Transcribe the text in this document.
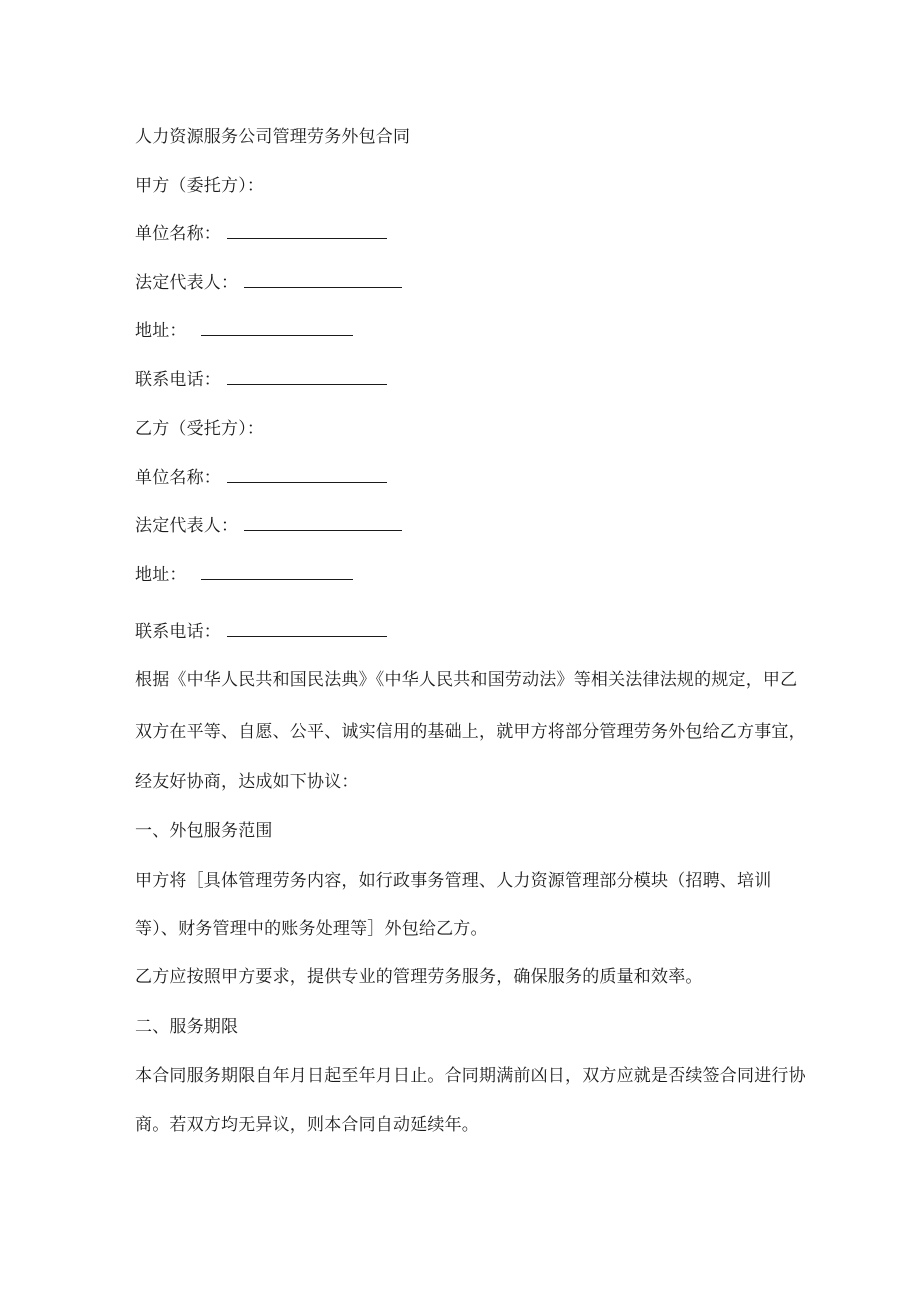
人力资源服务公司管理劳务外包合同
甲方（委托方）：
单位名称：
法定代表人：
地址：
联系电话：
乙方（受托方）：
单位名称：
法定代表人：
地址：
联系电话：
根据《中华人民共和国民法典》《中华人民共和国劳动法》等相关法律法规的规定，甲乙
双方在平等、自愿、公平、诚实信用的基础上，就甲方将部分管理劳务外包给乙方事宜，
经友好协商，达成如下协议：
一、外包服务范围
甲方将［具体管理劳务内容，如行政事务管理、人力资源管理部分模块（招聘、培训
等）、财务管理中的账务处理等］外包给乙方。
乙方应按照甲方要求，提供专业的管理劳务服务，确保服务的质量和效率。
二、服务期限
本合同服务期限自年月日起至年月日止。合同期满前凶日，双方应就是否续签合同进行协
商。若双方均无异议，则本合同自动延续年。
